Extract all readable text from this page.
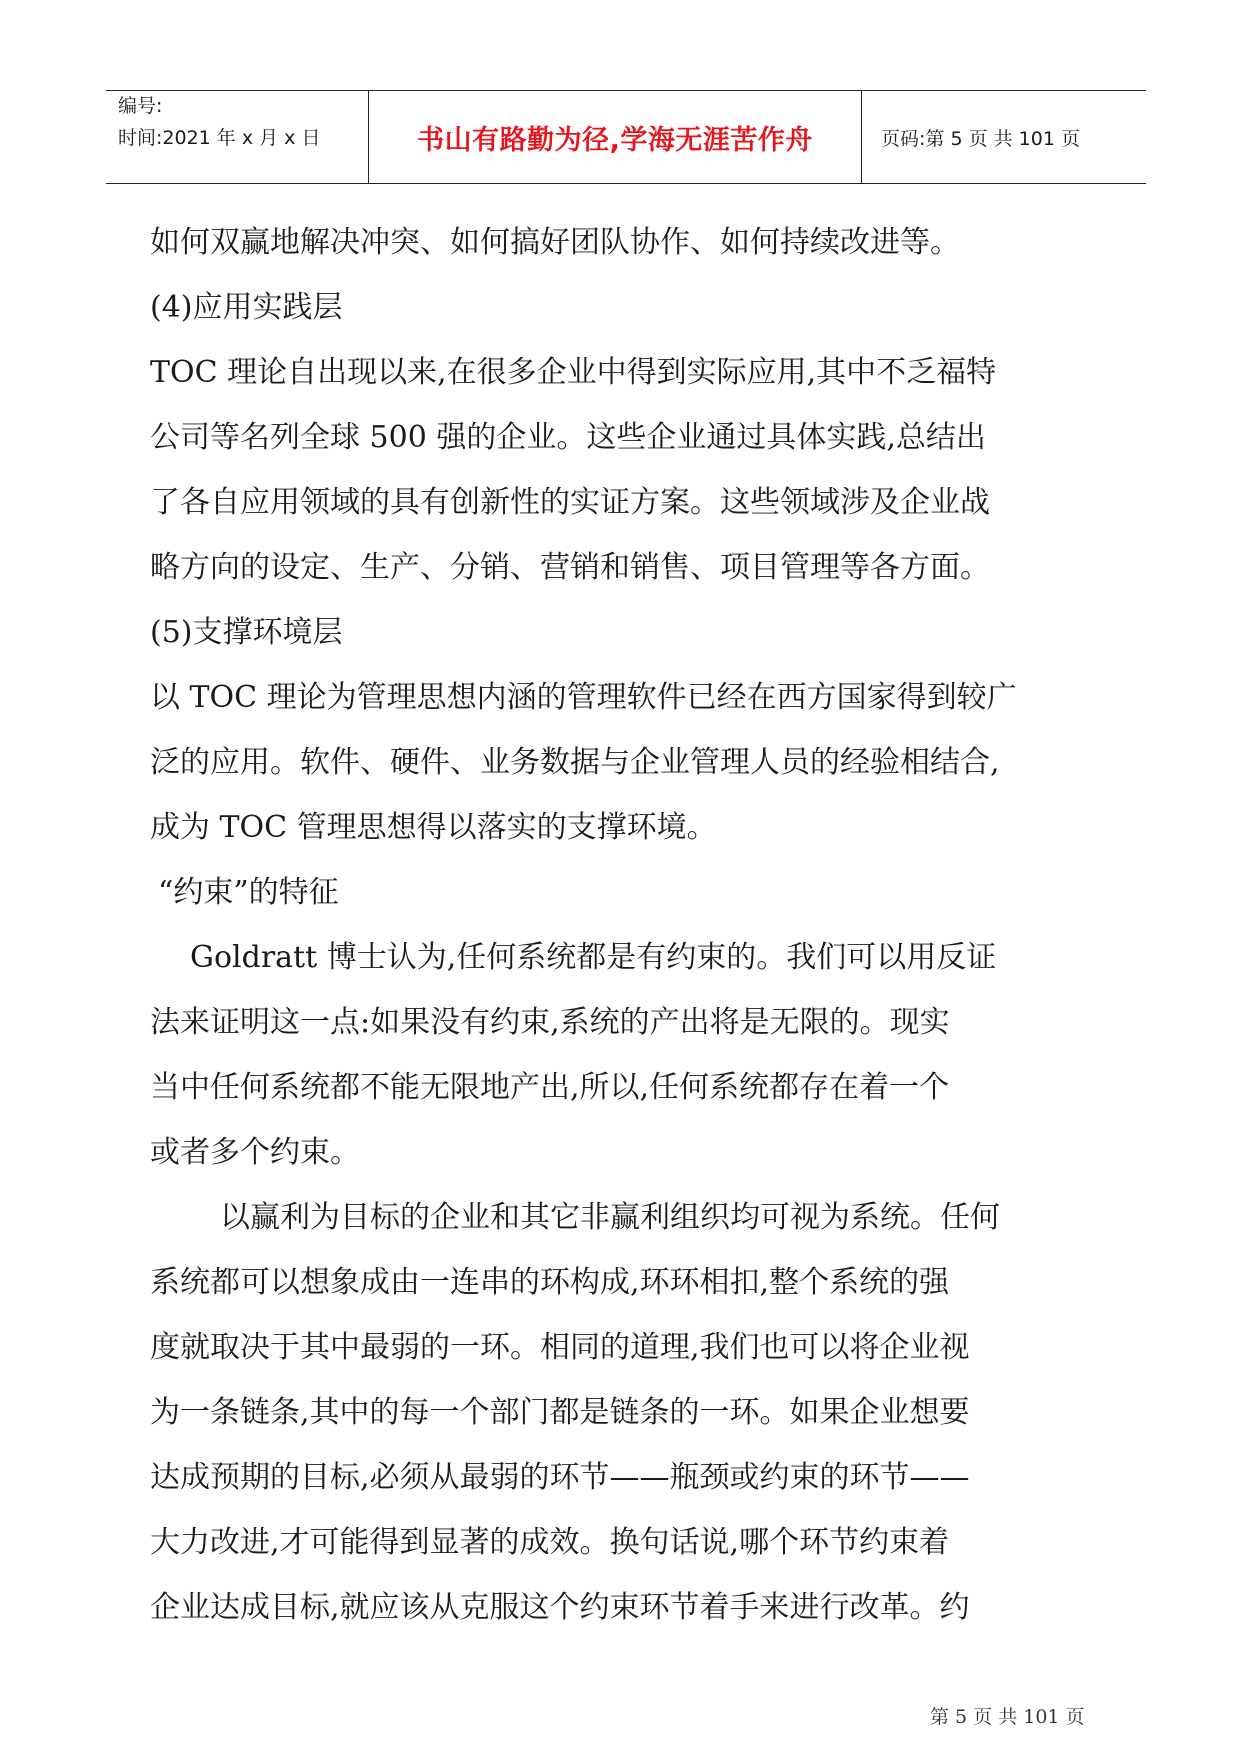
编号:
时间:2021 年 x 月 x 日	书山有路勤为径,学海无涯苦作舟	页码:第 5 页 共 101 页

如何双赢地解决冲突、如何搞好团队协作、如何持续改进等。

(4)应用实践层

TOC 理论自出现以来,在很多企业中得到实际应用,其中不乏福特

公司等名列全球 500 强的企业。这些企业通过具体实践,总结出

了各自应用领域的具有创新性的实证方案。这些领域涉及企业战

略方向的设定、生产、分销、营销和销售、项目管理等各方面。

(5)支撑环境层

以 TOC 理论为管理思想内涵的管理软件已经在西方国家得到较广

泛的应用。软件、硬件、业务数据与企业管理人员的经验相结合,

成为 TOC 管理思想得以落实的支撑环境。

“约束”的特征

Goldratt 博士认为,任何系统都是有约束的。我们可以用反证

法来证明这一点:如果没有约束,系统的产出将是无限的。现实

当中任何系统都不能无限地产出,所以,任何系统都存在着一个

或者多个约束。

以赢利为目标的企业和其它非赢利组织均可视为系统。任何

系统都可以想象成由一连串的环构成,环环相扣,整个系统的强

度就取决于其中最弱的一环。相同的道理,我们也可以将企业视

为一条链条,其中的每一个部门都是链条的一环。如果企业想要

达成预期的目标,必须从最弱的环节——瓶颈或约束的环节——

大力改进,才可能得到显著的成效。换句话说,哪个环节约束着

企业达成目标,就应该从克服这个约束环节着手来进行改革。约

第 5 页 共 101 页
